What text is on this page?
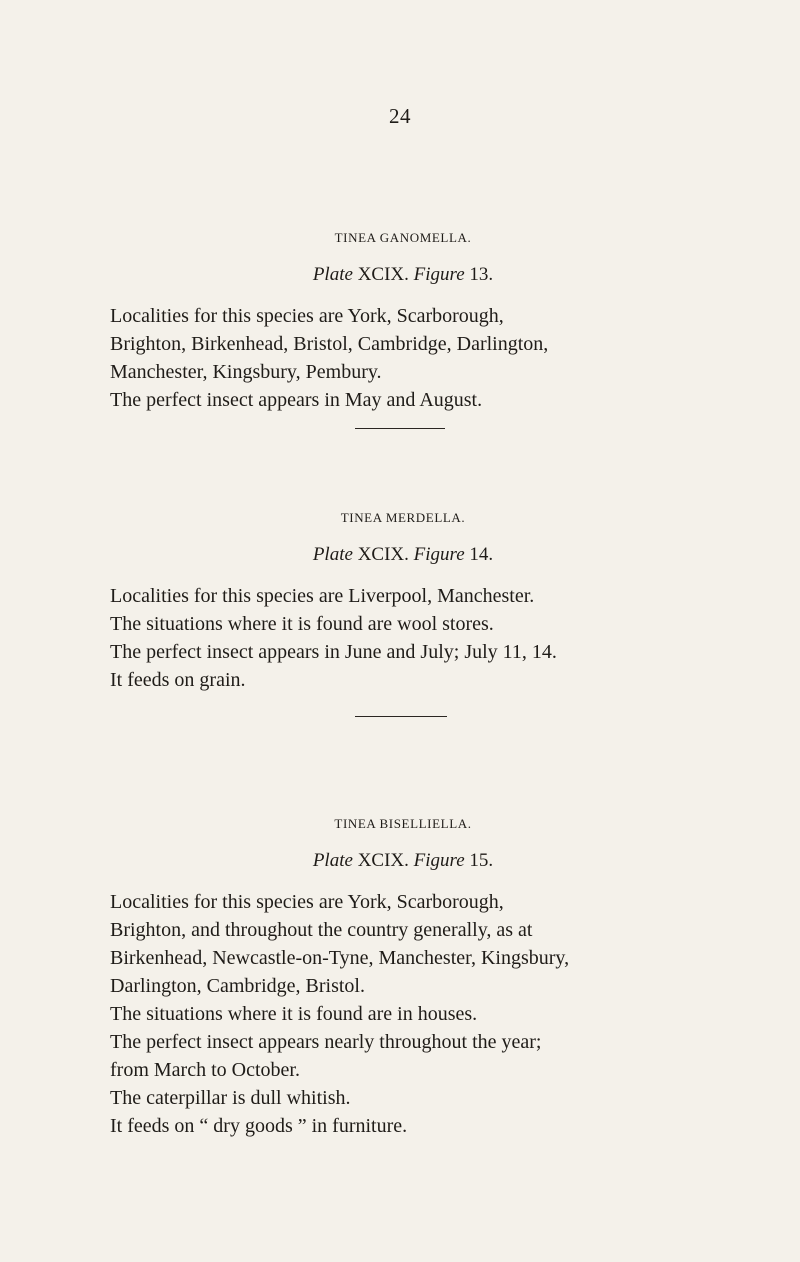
24
TINEA GANOMELLA.
Plate XCIX. Figure 13.

Localities for this species are York, Scarborough,

Brighton, Birkenhead, Bristol, Cambridge, Darlington,

Manchester, Kingsbury, Pembury.

The perfect insect appears in May and August.

TINEA MERDELLA.
Plate XCIX. Figure 14.

Localities for this species are Liverpool, Manchester.

The situations where it is found are wool stores.

The perfect insect appears in June and July; July 11, 14.

It feeds on grain.

TINEA BISELLIELLA.
Plate XCIX. Figure 15.

Localities for this species are York, Scarborough,

Brighton, and throughout the country generally, as at

Birkenhead, Newcastle-on-Tyne, Manchester, Kingsbury,

Darlington, Cambridge, Bristol.

The situations where it is found are in houses.

The perfect insect appears nearly throughout the year;

from March to October.

The caterpillar is dull whitish.

It feeds on “ dry goods ” in furniture.
